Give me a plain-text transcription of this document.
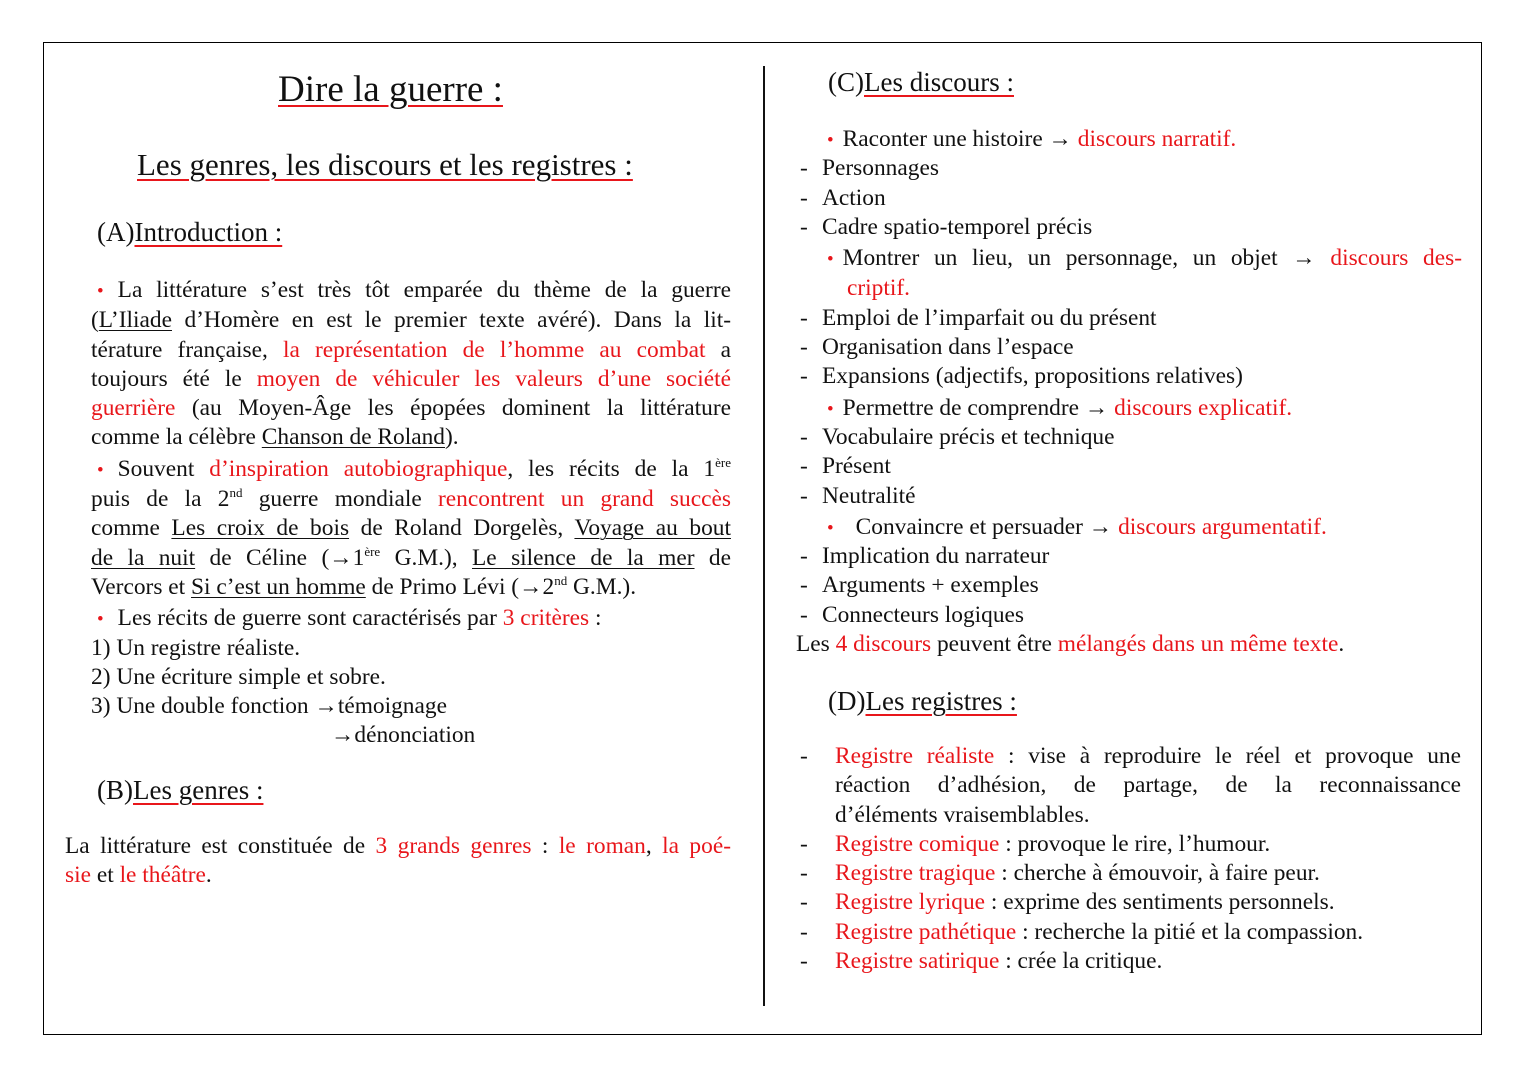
Dire la guerre :
Les genres, les discours et les registres :
(A)Introduction :
• La littérature s’est très tôt emparée du thème de la guerre
(L’Iliade d’Homère en est le premier texte avéré). Dans la lit-
térature française, la représentation de l’homme au combat a
toujours été le moyen de véhiculer les valeurs d’une société
guerrière (au Moyen-Âge les épopées dominent la littérature
comme la célèbre Chanson de Roland).
• Souvent d’inspiration autobiographique, les récits de la 1ère
puis de la 2nd guerre mondiale rencontrent un grand succès
comme Les croix de bois de Roland Dorgelès, Voyage au bout
de la nuit de Céline (→1ère G.M.), Le silence de la mer de
Vercors et Si c’est un homme de Primo Lévi (→2nd G.M.).
• Les récits de guerre sont caractérisés par 3 critères :
1) Un registre réaliste.
2) Une écriture simple et sobre.
3) Une double fonction →témoignage
→dénonciation
(B)Les genres :
La littérature est constituée de 3 grands genres : le roman, la poé-
sie et le théâtre.
(C)Les discours :
• Raconter une histoire → discours narratif.
- Personnages
- Action
- Cadre spatio-temporel précis
• Montrer un lieu, un personnage, un objet → discours des-
criptif.
- Emploi de l’imparfait ou du présent
- Organisation dans l’espace
- Expansions (adjectifs, propositions relatives)
• Permettre de comprendre → discours explicatif.
- Vocabulaire précis et technique
- Présent
- Neutralité
• Convaincre et persuader → discours argumentatif.
- Implication du narrateur
- Arguments + exemples
- Connecteurs logiques
Les 4 discours peuvent être mélangés dans un même texte.
(D)Les registres :
-	Registre réaliste : vise à reproduire le réel et provoque une
réaction d’adhésion, de partage, de la reconnaissance
d’éléments vraisemblables.
-	Registre comique : provoque le rire, l’humour.
-	Registre tragique : cherche à émouvoir, à faire peur.
-	Registre lyrique : exprime des sentiments personnels.
-	Registre pathétique : recherche la pitié et la compassion.
-	Registre satirique : crée la critique.
